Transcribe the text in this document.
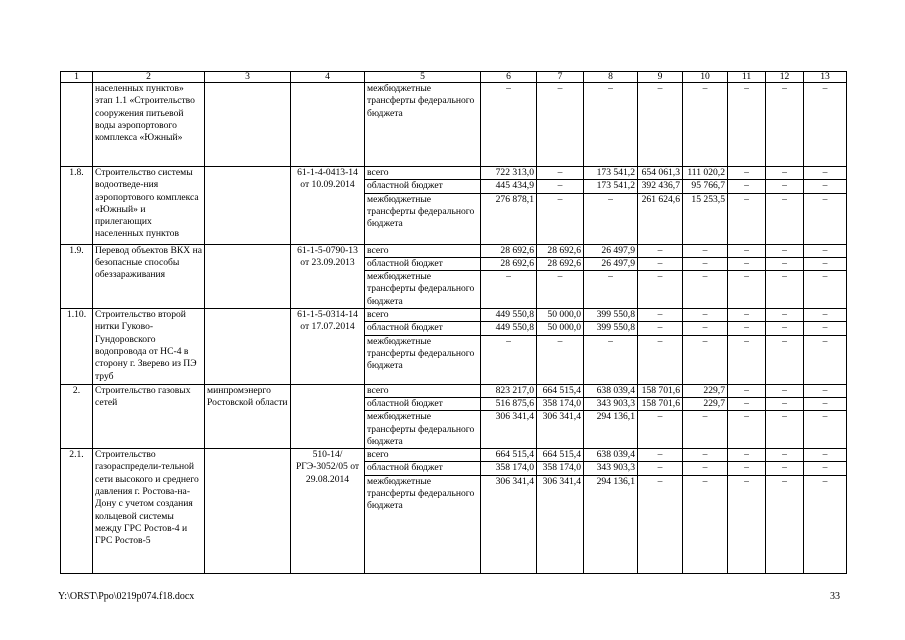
1	2	3	4	5	6	7	8	9	10	11	12	13
	населенных пунктов» этап 1.1 «Строительство сооружения питьевой воды аэропортового комплекса «Южный»			межбюджетные трансферты федерального бюджета	–	–	–	–	–	–	–	–
1.8.	Строительство системы водоотведе-ния аэропортового комплекса «Южный» и прилегающих населенных пунктов		61-1-4-0413-14 от 10.09.2014	всего	722 313,0	–	173 541,2	654 061,3	111 020,2	–	–	–
				областной бюджет	445 434,9	–	173 541,2	392 436,7	95 766,7	–	–	–
				межбюджетные трансферты федерального бюджета	276 878,1	–	–	261 624,6	15 253,5	–	–	–
1.9.	Перевод объектов ВКХ на безопасные способы обеззараживания		61-1-5-0790-13 от 23.09.2013	всего	28 692,6	28 692,6	26 497,9	–	–	–	–	–
				областной бюджет	28 692,6	28 692,6	26 497,9	–	–	–	–	–
				межбюджетные трансферты федерального бюджета	–	–	–	–	–	–	–	–
1.10.	Строительство второй нитки Гуково-Гундоровского водопровода от НС-4 в сторону г. Зверево из ПЭ труб		61-1-5-0314-14 от 17.07.2014	всего	449 550,8	50 000,0	399 550,8	–	–	–	–	–
				областной бюджет	449 550,8	50 000,0	399 550,8	–	–	–	–	–
				межбюджетные трансферты федерального бюджета	–	–	–	–	–	–	–	–
2.	Строительство газовых сетей	минпромэнерго Ростовской области		всего	823 217,0	664 515,4	638 039,4	158 701,6	229,7	–	–	–
				областной бюджет	516 875,6	358 174,0	343 903,3	158 701,6	229,7	–	–	–
				межбюджетные трансферты федерального бюджета	306 341,4	306 341,4	294 136,1	–	–	–	–	–
2.1.	Строительство газораспредели-тельной сети высокого и среднего давления г. Ростова-на-Дону с учетом создания кольцевой системы между ГРС Ростов-4 и ГРС Ростов-5		510-14/РГЭ-3052/05 от 29.08.2014	всего	664 515,4	664 515,4	638 039,4	–	–	–	–	–
				областной бюджет	358 174,0	358 174,0	343 903,3	–	–	–	–	–
				межбюджетные трансферты федерального бюджета	306 341,4	306 341,4	294 136,1	–	–	–	–	–
Y:\ORST\Ppo\0219p074.f18.docx	33
